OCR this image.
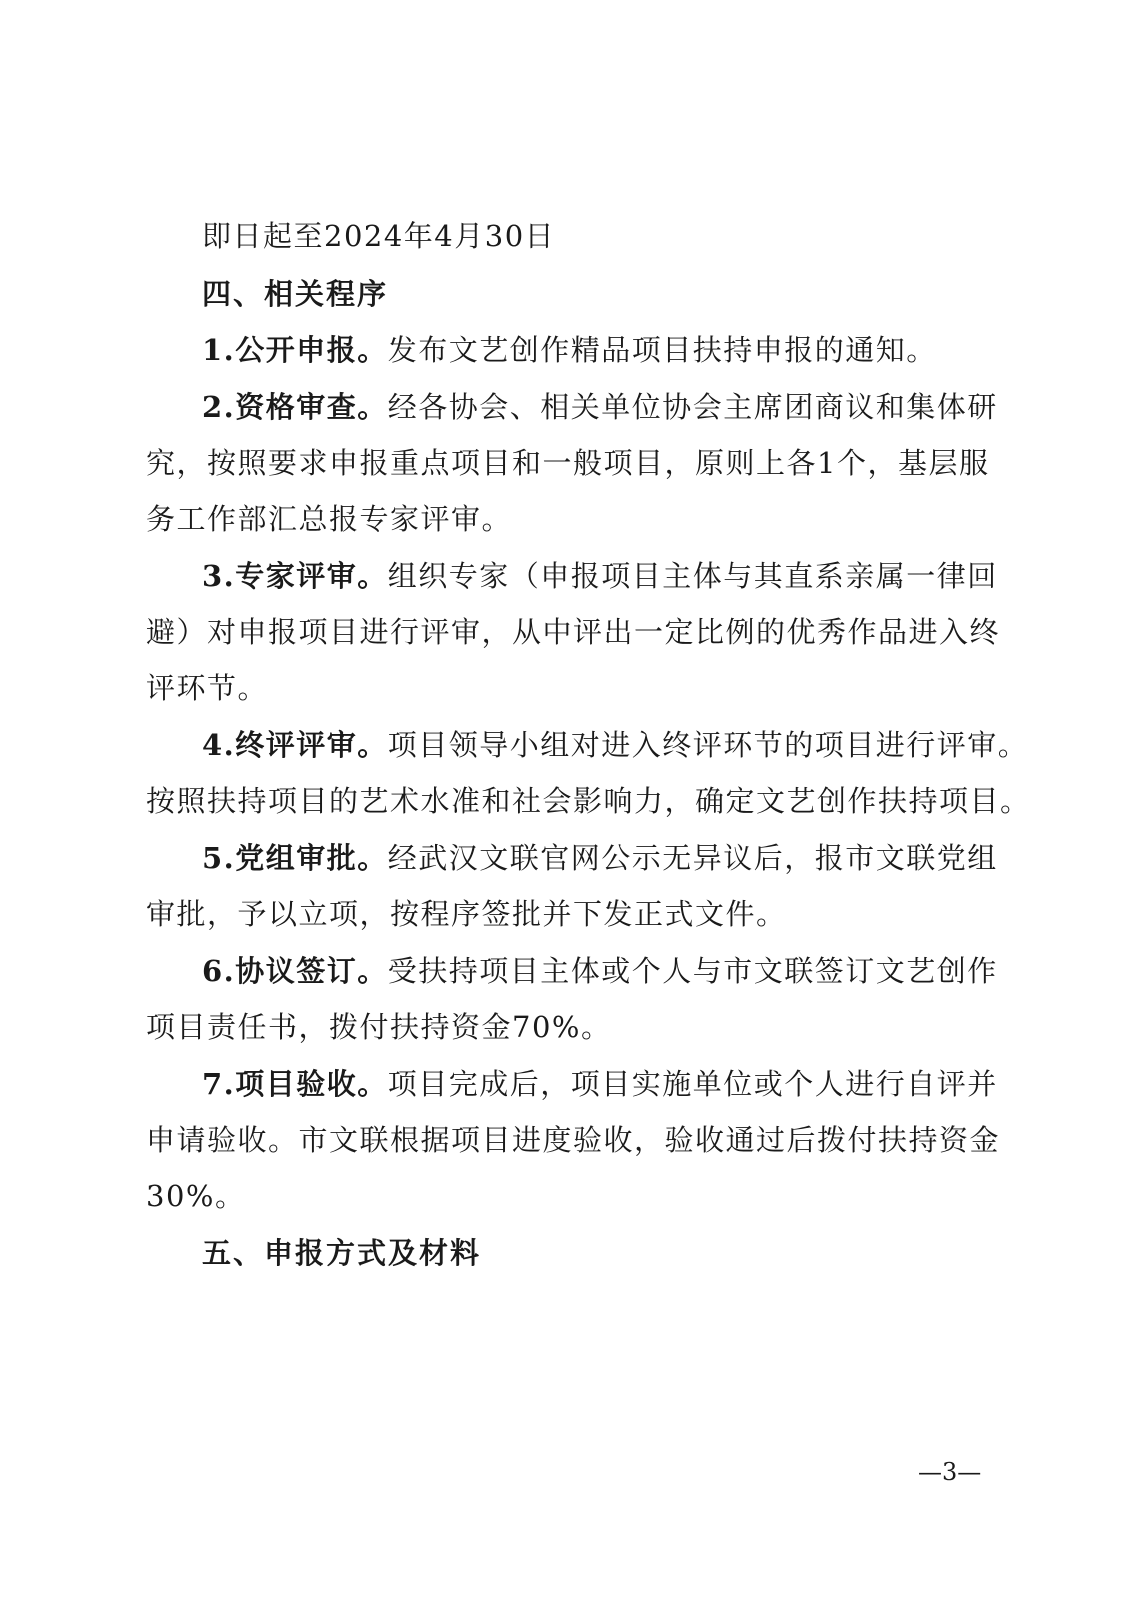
即日起至2024年4月30日
四、相关程序
1.公开申报。发布文艺创作精品项目扶持申报的通知。
2.资格审查。经各协会、相关单位协会主席团商议和集体研
究，按照要求申报重点项目和一般项目，原则上各1个，基层服
务工作部汇总报专家评审。
3.专家评审。组织专家（申报项目主体与其直系亲属一律回
避）对申报项目进行评审，从中评出一定比例的优秀作品进入终
评环节。
4.终评评审。项目领导小组对进入终评环节的项目进行评审。
按照扶持项目的艺术水准和社会影响力，确定文艺创作扶持项目。
5.党组审批。经武汉文联官网公示无异议后，报市文联党组
审批，予以立项，按程序签批并下发正式文件。
6.协议签订。受扶持项目主体或个人与市文联签订文艺创作
项目责任书，拨付扶持资金70%。
7.项目验收。项目完成后，项目实施单位或个人进行自评并
申请验收。市文联根据项目进度验收，验收通过后拨付扶持资金
30%。
五、申报方式及材料
—3—
